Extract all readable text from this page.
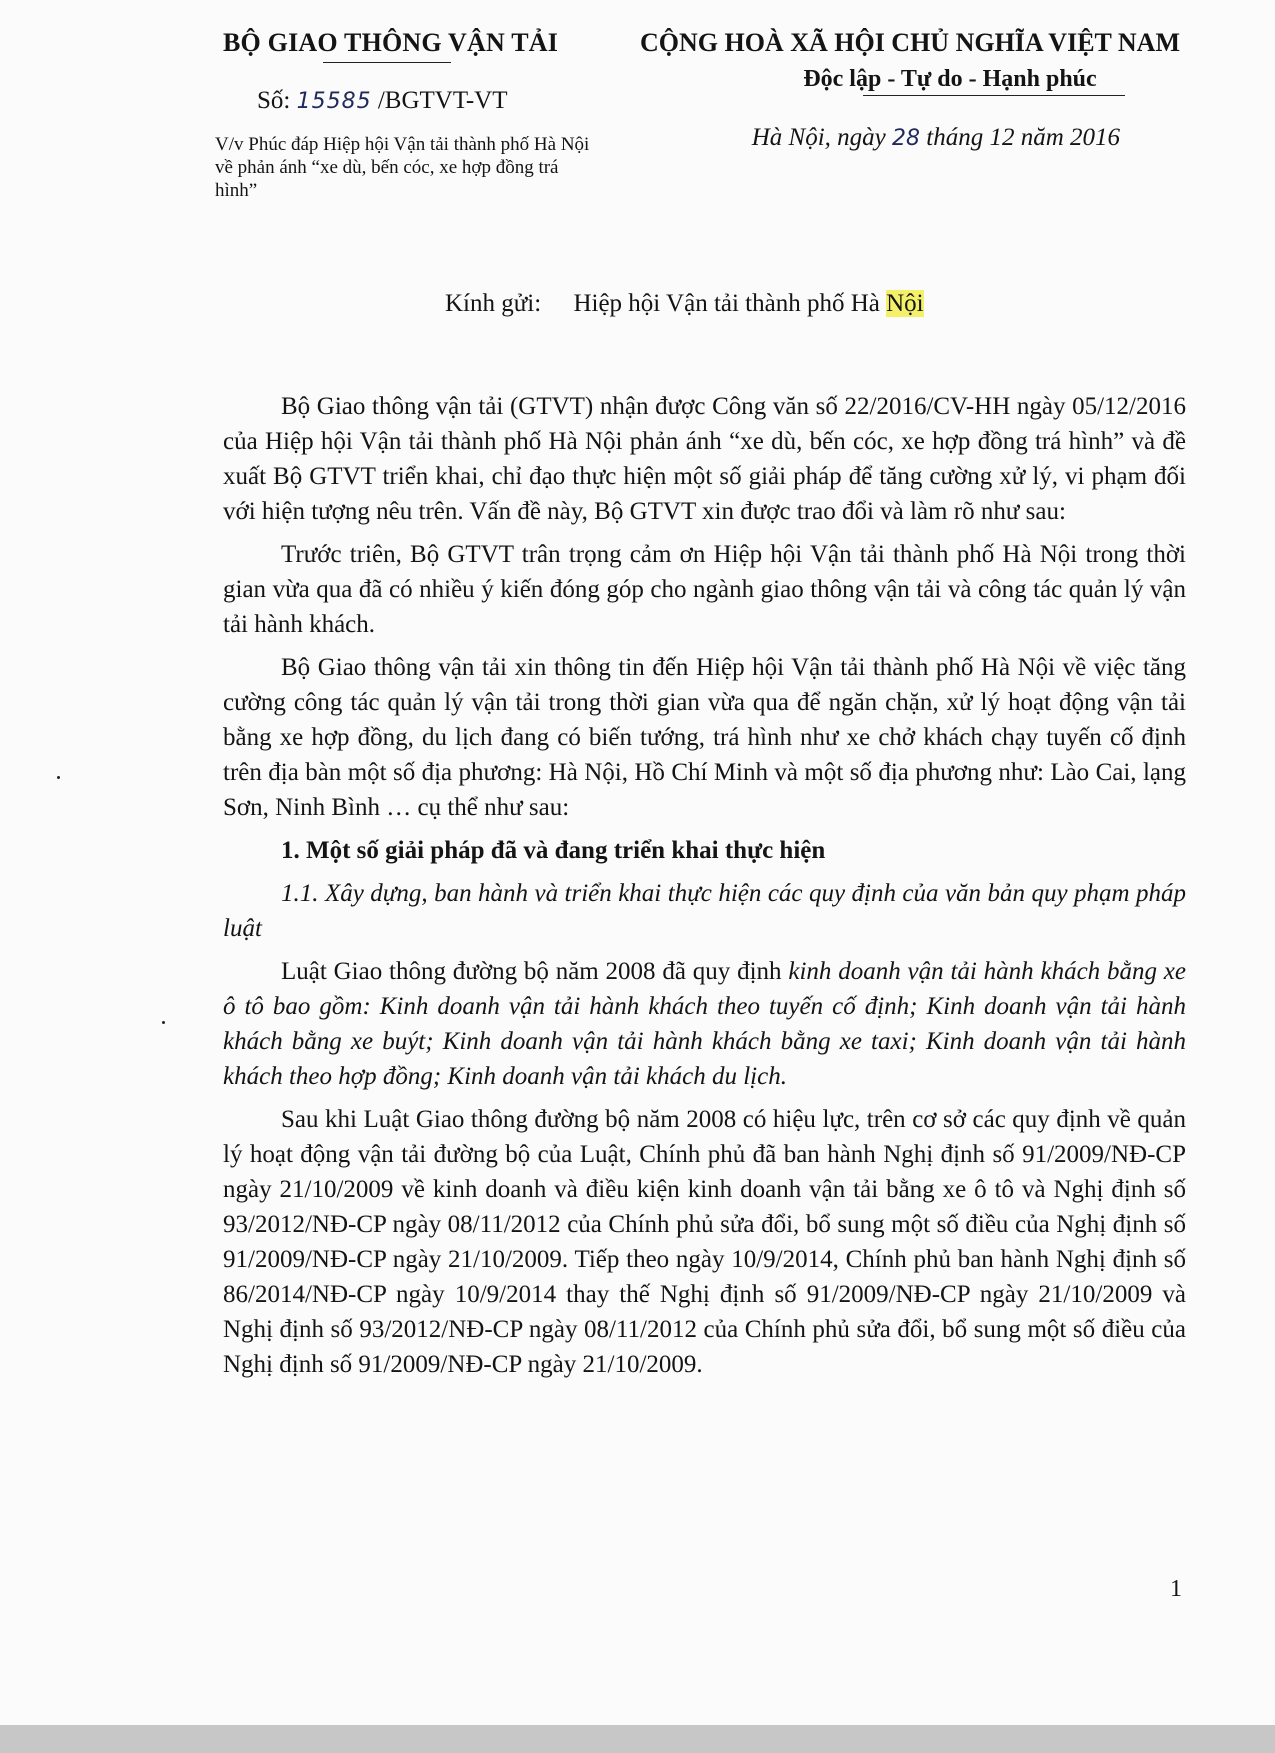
BỘ GIAO THÔNG VẬN TẢI
Số: 15585 /BGTVT-VT
V/v Phúc đáp Hiệp hội Vận tải thành phố Hà Nội về phản ánh “xe dù, bến cóc, xe hợp đồng trá hình”
CỘNG HOÀ XÃ HỘI CHỦ NGHĨA VIỆT NAM
Độc lập - Tự do - Hạnh phúc
Hà Nội, ngày 28 tháng 12 năm 2016
Kính gửi: Hiệp hội Vận tải thành phố Hà Nội

Bộ Giao thông vận tải (GTVT) nhận được Công văn số 22/2016/CV-HH ngày 05/12/2016 của Hiệp hội Vận tải thành phố Hà Nội phản ánh “xe dù, bến cóc, xe hợp đồng trá hình” và đề xuất Bộ GTVT triển khai, chỉ đạo thực hiện một số giải pháp để tăng cường xử lý, vi phạm đối với hiện tượng nêu trên. Vấn đề này, Bộ GTVT xin được trao đổi và làm rõ như sau:

Trước triên, Bộ GTVT trân trọng cảm ơn Hiệp hội Vận tải thành phố Hà Nội trong thời gian vừa qua đã có nhiều ý kiến đóng góp cho ngành giao thông vận tải và công tác quản lý vận tải hành khách.

Bộ Giao thông vận tải xin thông tin đến Hiệp hội Vận tải thành phố Hà Nội về việc tăng cường công tác quản lý vận tải trong thời gian vừa qua để ngăn chặn, xử lý hoạt động vận tải bằng xe hợp đồng, du lịch đang có biến tướng, trá hình như xe chở khách chạy tuyến cố định trên địa bàn một số địa phương: Hà Nội, Hồ Chí Minh và một số địa phương như: Lào Cai, lạng Sơn, Ninh Bình … cụ thể như sau:

1. Một số giải pháp đã và đang triển khai thực hiện

1.1. Xây dựng, ban hành và triển khai thực hiện các quy định của văn bản quy phạm pháp luật

Luật Giao thông đường bộ năm 2008 đã quy định kinh doanh vận tải hành khách bằng xe ô tô bao gồm: Kinh doanh vận tải hành khách theo tuyến cố định; Kinh doanh vận tải hành khách bằng xe buýt; Kinh doanh vận tải hành khách bằng xe taxi; Kinh doanh vận tải hành khách theo hợp đồng; Kinh doanh vận tải khách du lịch.

Sau khi Luật Giao thông đường bộ năm 2008 có hiệu lực, trên cơ sở các quy định về quản lý hoạt động vận tải đường bộ của Luật, Chính phủ đã ban hành Nghị định số 91/2009/NĐ-CP ngày 21/10/2009 về kinh doanh và điều kiện kinh doanh vận tải bằng xe ô tô và Nghị định số 93/2012/NĐ-CP ngày 08/11/2012 của Chính phủ sửa đổi, bổ sung một số điều của Nghị định số 91/2009/NĐ-CP ngày 21/10/2009. Tiếp theo ngày 10/9/2014, Chính phủ ban hành Nghị định số 86/2014/NĐ-CP ngày 10/9/2014 thay thế Nghị định số 91/2009/NĐ-CP ngày 21/10/2009 và Nghị định số 93/2012/NĐ-CP ngày 08/11/2012 của Chính phủ sửa đổi, bổ sung một số điều của Nghị định số 91/2009/NĐ-CP ngày 21/10/2009.

1
